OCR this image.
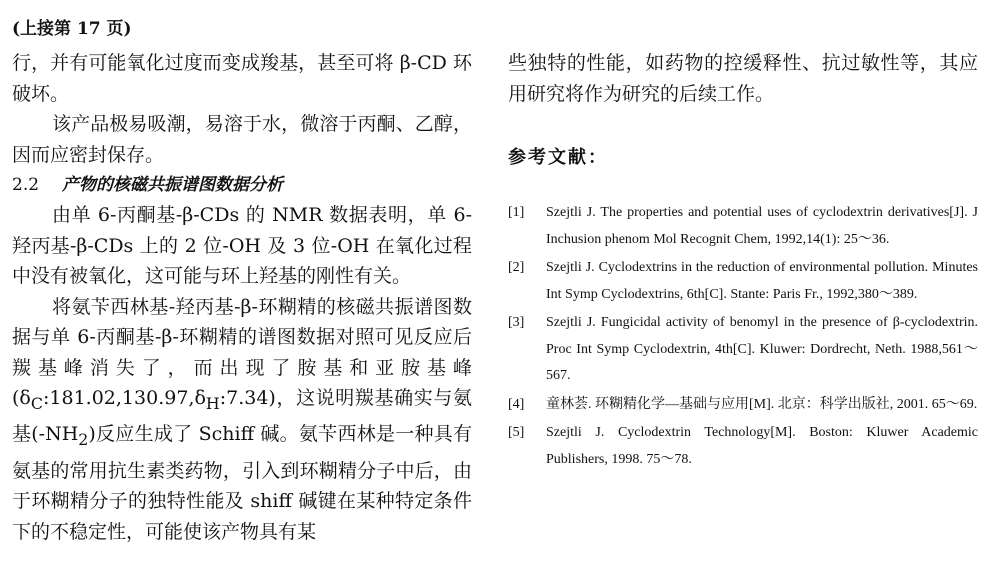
(上接第 17 页)

行，并有可能氧化过度而变成羧基，甚至可将 β-CD 环破坏。

该产品极易吸潮，易溶于水，微溶于丙酮、乙醇，因而应密封保存。

2.2 产物的核磁共振谱图数据分析

由单 6-丙酮基-β-CDs 的 NMR 数据表明，单 6-羟丙基-β-CDs 上的 2 位-OH 及 3 位-OH 在氧化过程中没有被氧化，这可能与环上羟基的刚性有关。

将氨苄西林基-羟丙基-β-环糊精的核磁共振谱图数据与单 6-丙酮基-β-环糊精的谱图数据对照可见反应后羰基峰消失了，而出现了胺基和亚胺基峰$(\delta_C:181.02,130.97,\delta_H:7.34)$，这说明羰基确实与氨基$(-NH_2)$反应生成了 Schiff 碱。氨苄西林是一种具有氨基的常用抗生素类药物，引入到环糊精分子中后，由于环糊精分子的独特性能及 shiff 碱键在某种特定条件下的不稳定性，可能使该产物具有某

些独特的性能，如药物的控缓释性、抗过敏性等，其应用研究将作为研究的后续工作。

参考文献：
[1]	Szejtli J. The properties and potential uses of cyclodextrin derivatives[J]. J Inchusion phenom Mol Recognit Chem, 1992,14(1): 25～36.
[2]	Szejtli J. Cyclodextrins in the reduction of environmental pollution. Minutes Int Symp Cyclodextrins, 6th[C]. Stante: Paris Fr., 1992,380～389.
[3]	Szejtli J. Fungicidal activity of benomyl in the presence of β-cyclodextrin. Proc Int Symp Cyclodextrin, 4th[C]. Kluwer: Dordrecht, Neth. 1988,561～567.
[4]	童林荟. 环糊精化学—基础与应用[M]. 北京：科学出版社, 2001. 65～69.
[5]	Szejtli J. Cyclodextrin Technology[M]. Boston: Kluwer Academic Publishers, 1998. 75～78.
